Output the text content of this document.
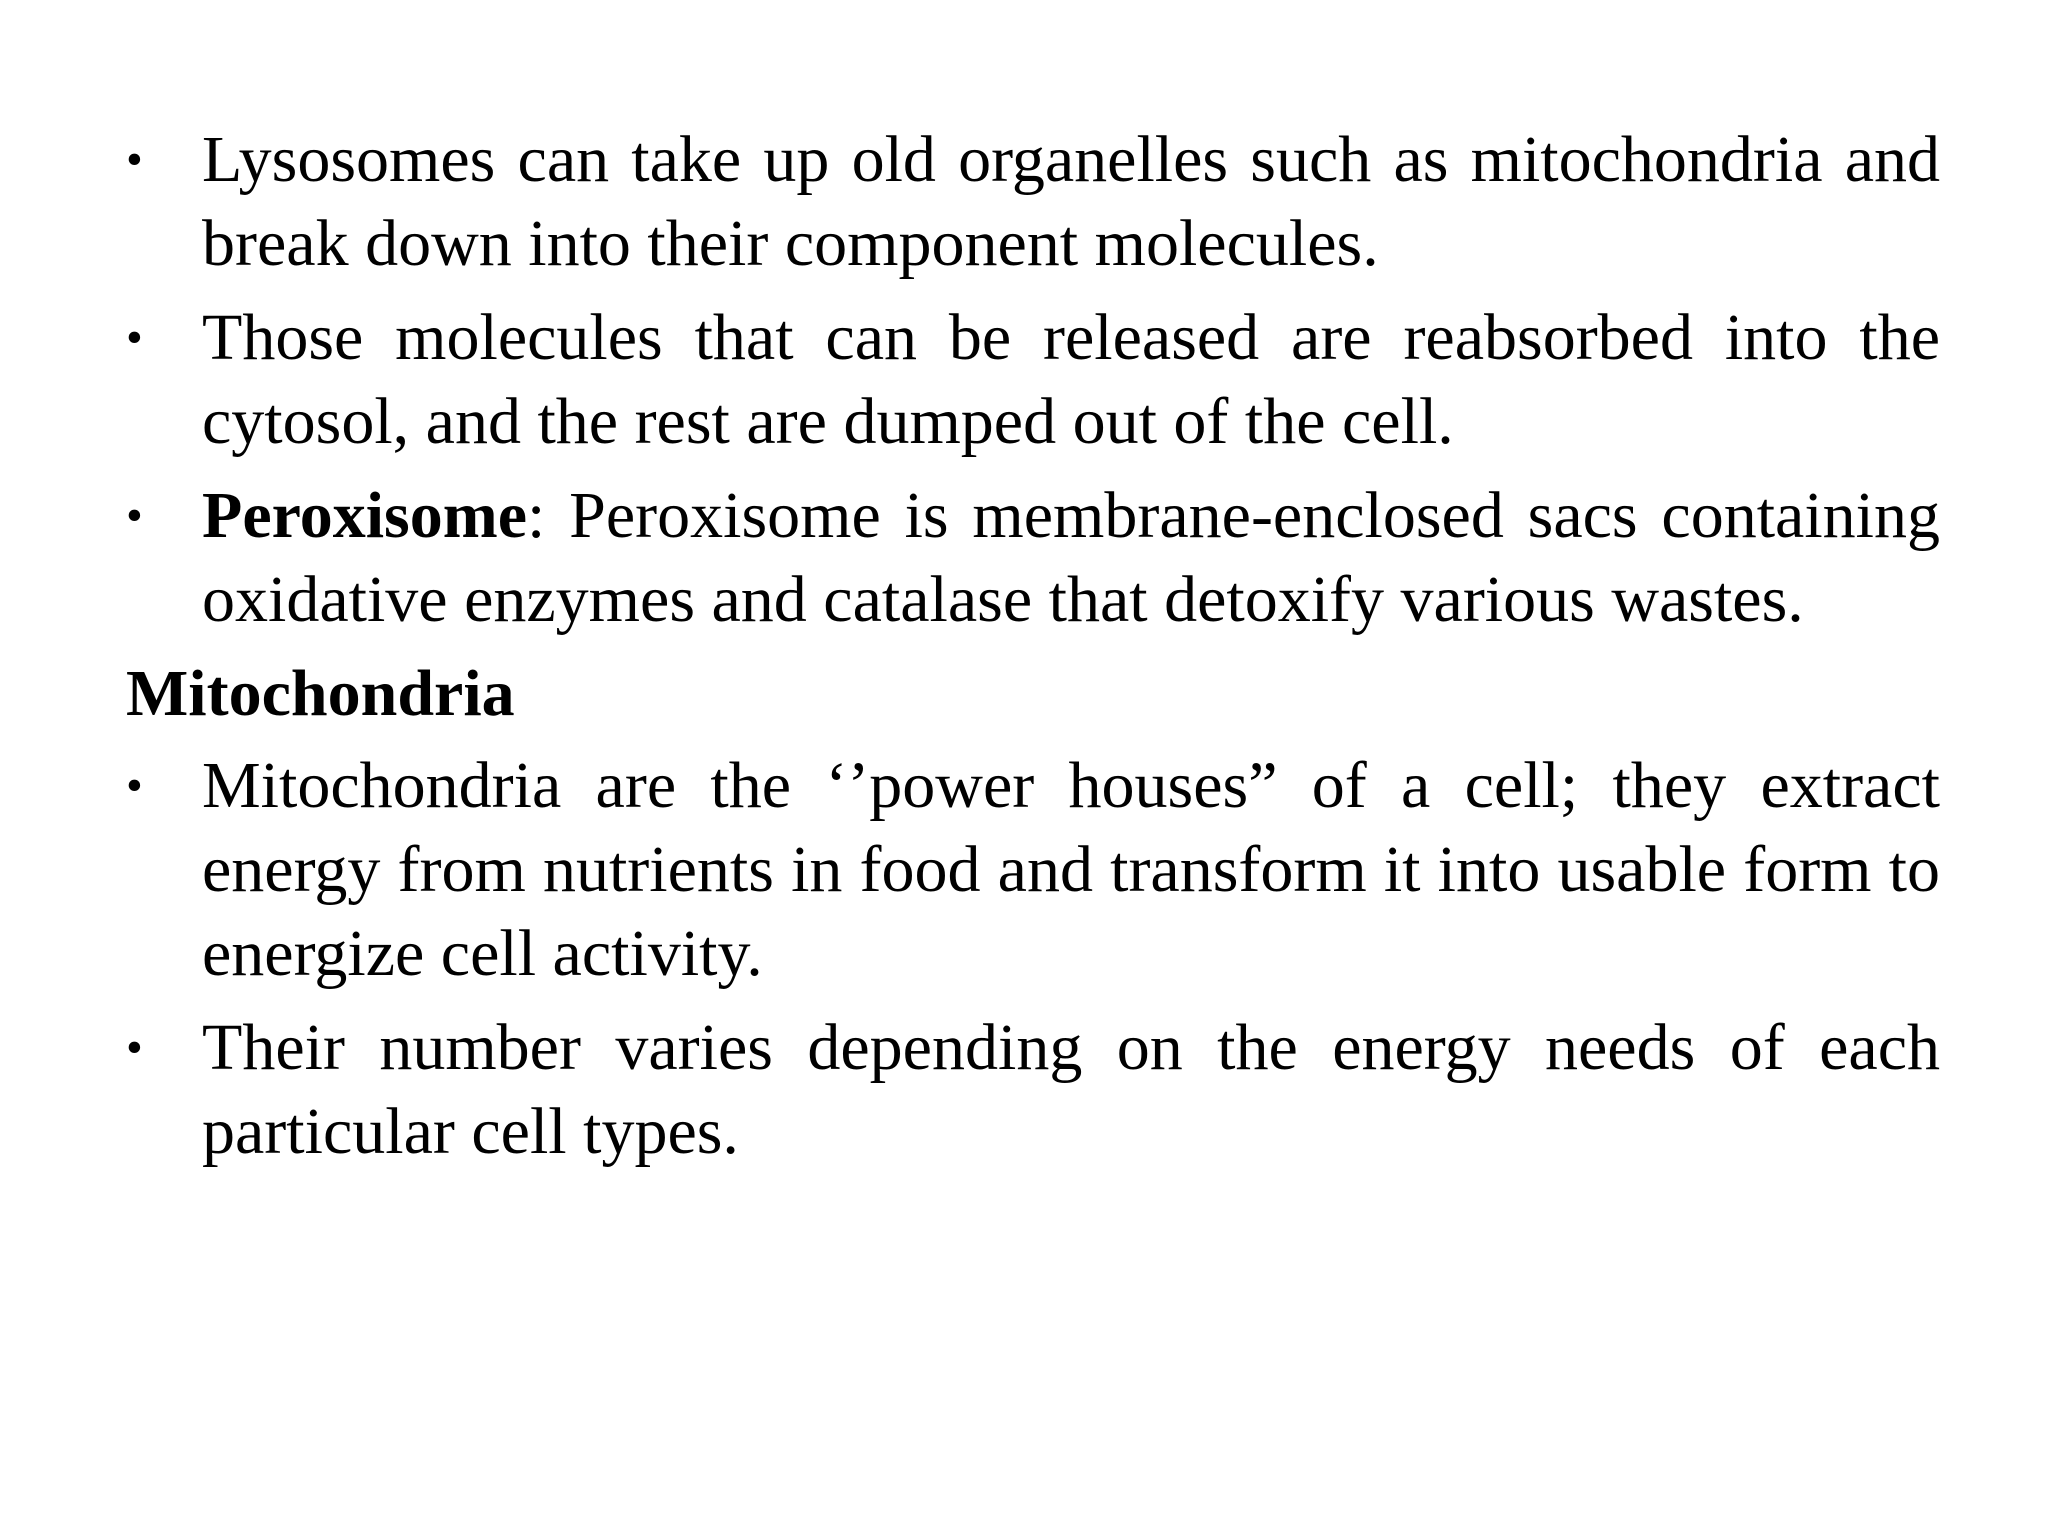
• Lysosomes can take up old organelles such as mitochondria and break down into their component molecules.
• Those molecules that can be released are reabsorbed into the cytosol, and the rest are dumped out of the cell.
• Peroxisome: Peroxisome is membrane-enclosed sacs containing oxidative enzymes and catalase that detoxify various wastes.
Mitochondria
• Mitochondria are the ‘’power houses” of a cell; they extract energy from nutrients in food and transform it into usable form to energize cell activity.
• Their number varies depending on the energy needs of each particular cell types.
